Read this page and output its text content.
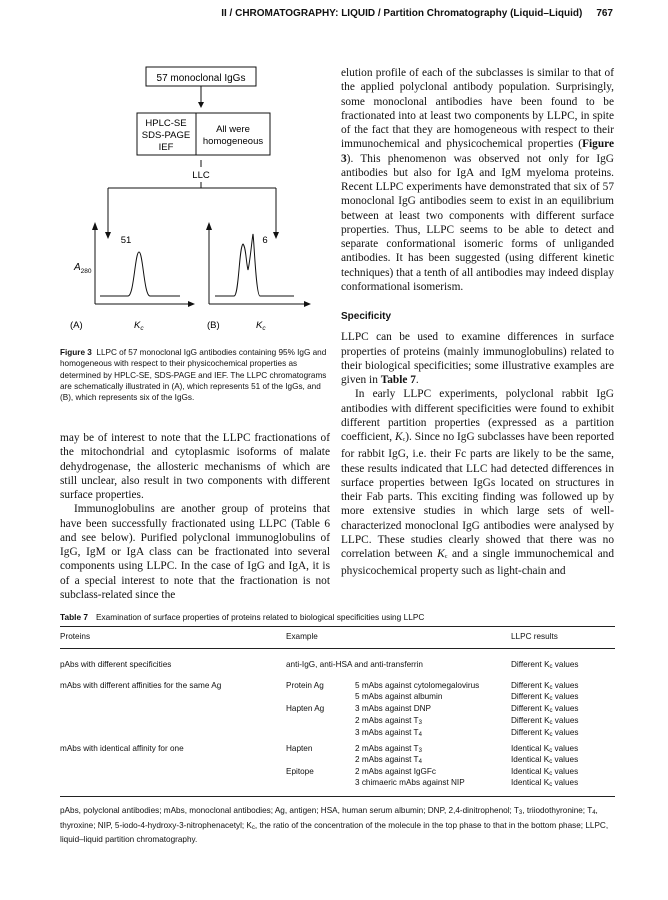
II / CHROMATOGRAPHY: LIQUID / Partition Chromatography (Liquid–Liquid) 767
57 monoclonal IgGs
HPLC-SE
SDS-PAGE
IEF
All were
homogeneous
LLC
51	6
$A_{280}$
(A)	$K_c$	(B)	$K_c$
Figure 3 LLPC of 57 monoclonal IgG antibodies containing 95% IgG and homogeneous with respect to their physicochemical properties as determined by HPLC-SE, SDS-PAGE and IEF. The LLPC chromatograms are schematically illustrated in (A), which represents 51 of the IgGs, and (B), which represents six of the IgGs.

may be of interest to note that the LLPC fractionations of the mitochondrial and cytoplasmic isoforms of malate dehydrogenase, the allosteric mechanisms of which are still unclear, also result in two components with different surface properties.

Immunoglobulins are another group of proteins that have been successfully fractionated using LLPC (Table 6 and see below). Purified polyclonal immunoglobulins of IgG, IgM or IgA class can be fractionated into several components using LLPC. In the case of IgG and IgA, it is of a special interest to note that the fractionation is not subclass-related since the

elution profile of each of the subclasses is similar to that of the applied polyclonal antibody population. Surprisingly, some monoclonal antibodies have been found to be fractionated into at least two components by LLPC, in spite of the fact that they are homogeneous with respect to their immunochemical and physicochemical properties (Figure 3). This phenomenon was observed not only for IgG antibodies but also for IgA and IgM myeloma proteins. Recent LLPC experiments have demonstrated that six of 57 monoclonal IgG antibodies seem to exist in an equilibrium between at least two components with different surface properties. Thus, LLPC seems to be able to detect and separate conformational isomeric forms of unliganded antibodies. It has been suggested (using different kinetic techniques) that a tenth of all antibodies may indeed display conformational isomerism.

Specificity

LLPC can be used to examine differences in surface properties of proteins (mainly immunoglobulins) related to their biological specificities; some illustrative examples are given in Table 7.

In early LLPC experiments, polyclonal rabbit IgG antibodies with different specificities were found to exhibit different partition properties (expressed as a partition coefficient, $K_c$). Since no IgG subclasses have been reported for rabbit IgG, i.e. their Fc parts are likely to be the same, these results indicated that LLC had detected differences in surface properties between IgGs located on structures in their Fab parts. This exciting finding was followed up by more extensive studies in which large sets of well-characterized monoclonal IgG antibodies were analysed by LLPC. These studies clearly showed that there was no correlation between $K_c$ and a single immunochemical and physicochemical property such as light-chain and

Table 7 Examination of surface properties of proteins related to biological specificities using LLPC
Proteins	Example	LLPC results
pAbs with different specificities	anti-IgG, anti-HSA and anti-transferrin	Different $K_c$ values
mAbs with different affinities for the same Ag	Protein Ag	5 mAbs against cytolomegalovirus	Different $K_c$ values
5 mAbs against albumin	Different $K_c$ values
Hapten Ag	3 mAbs against DNP	Different $K_c$ values
2 mAbs against $T_3$	Different $K_c$ values
3 mAbs against $T_4$	Different $K_c$ values
mAbs with identical affinity for one	Hapten	2 mAbs against $T_3$	Identical $K_c$ values
2 mAbs against $T_4$	Identical $K_c$ values
Epitope	2 mAbs against IgGFc	Identical $K_c$ values
3 chimaeric mAbs against NIP	Identical $K_c$ values
pAbs, polyclonal antibodies; mAbs, monoclonal antibodies; Ag, antigen; HSA, human serum albumin; DNP, 2,4-dinitrophenol; $T_3$, triiodothyronine; $T_4$, thyroxine; NIP, 5-iodo-4-hydroxy-3-nitrophenacetyl; $K_c$, the ratio of the concentration of the molecule in the top phase to that in the bottom phase; LLPC, liquid–liquid partition chromatography.
